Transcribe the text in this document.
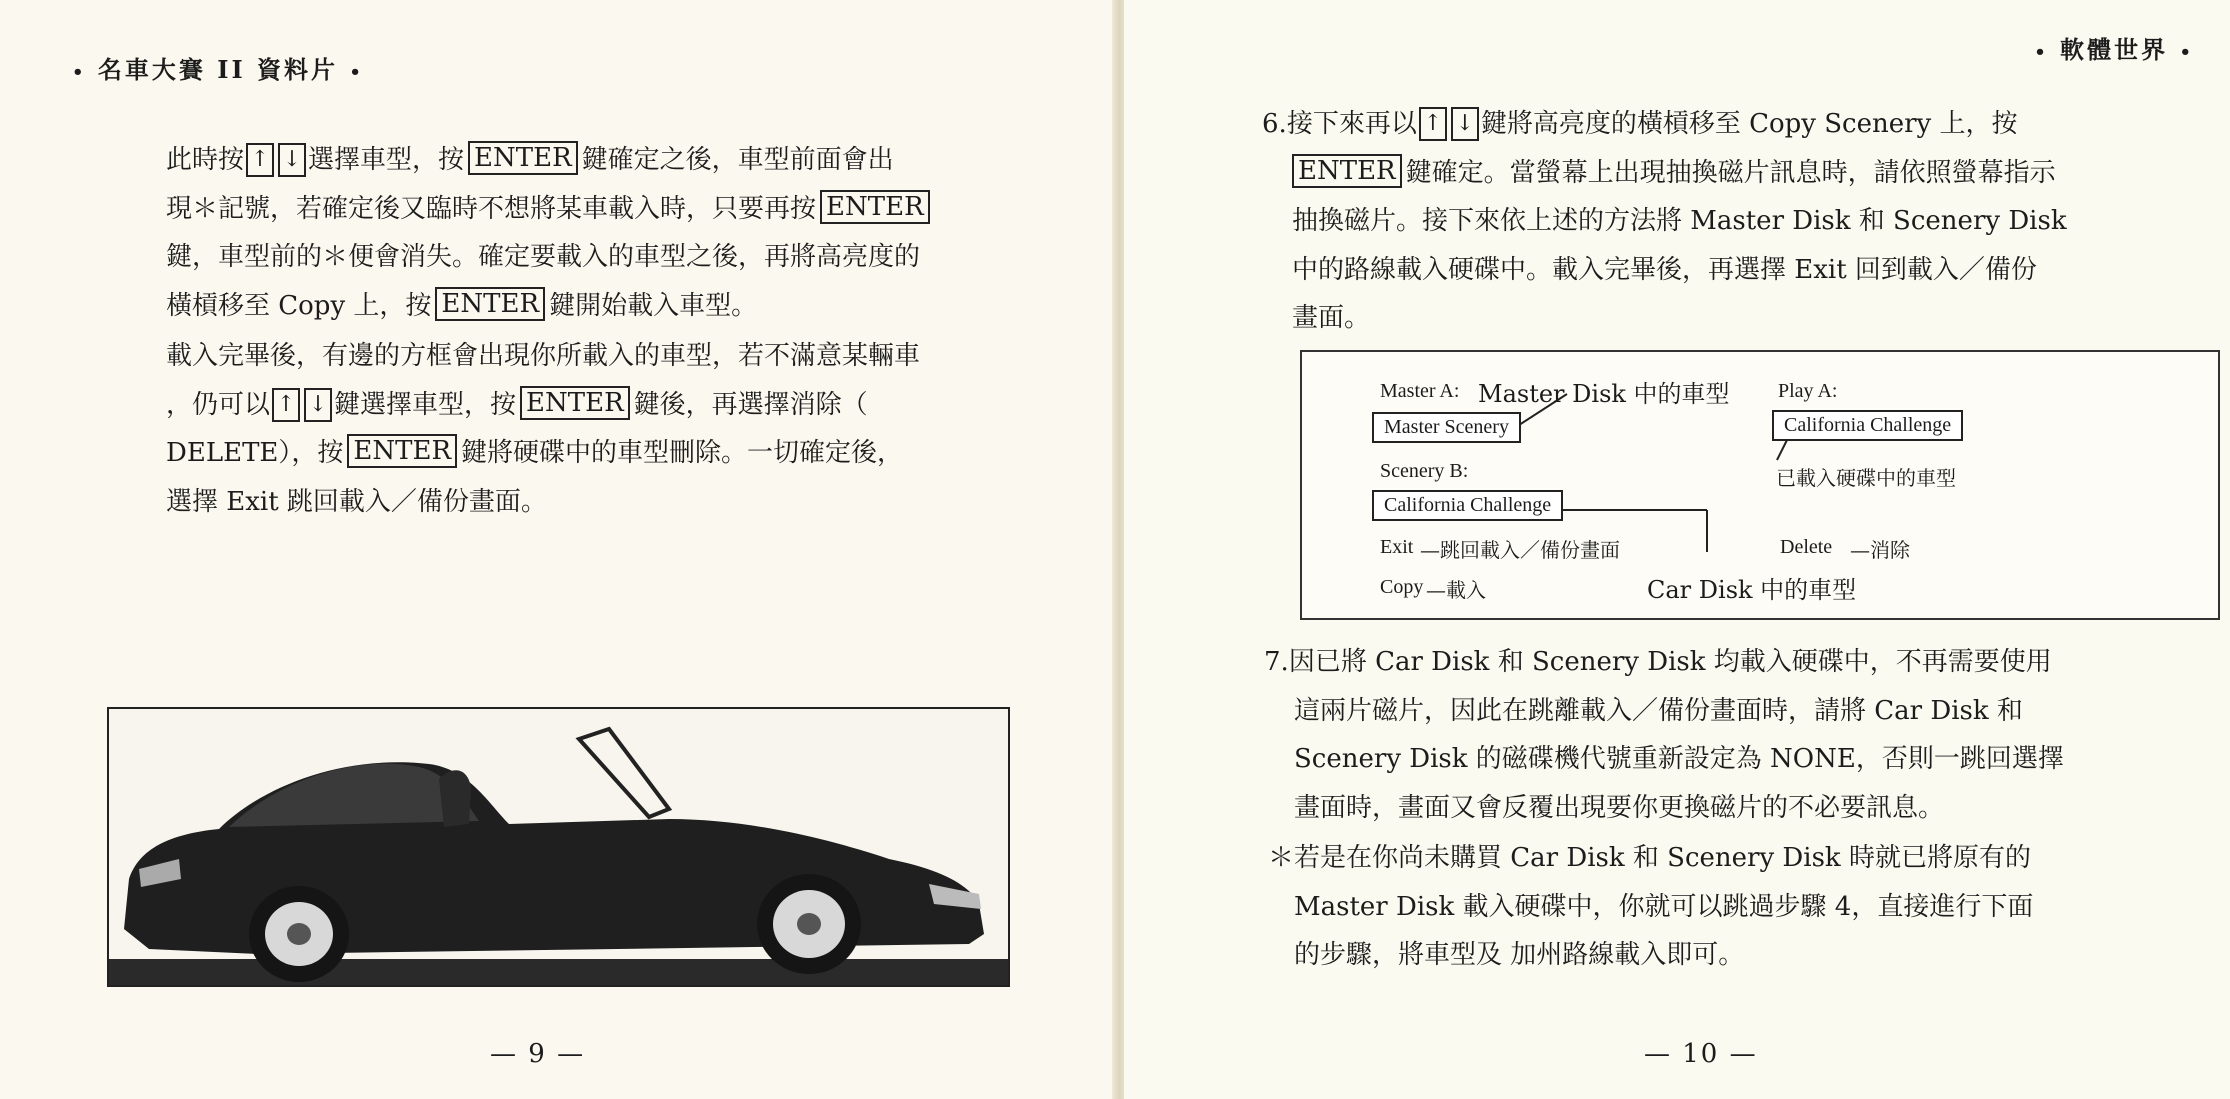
• 名車大賽 II 資料片 •
此時按 ↑ ↓ 選擇車型，按 ENTER 鍵確定之後，車型前面會出
現＊記號，若確定後又臨時不想將某車載入時，只要再按 ENTER
鍵，車型前的＊便會消失。確定要載入的車型之後，再將高亮度的
橫槓移至 Copy 上，按 ENTER 鍵開始載入車型。
載入完畢後，有邊的方框會出現你所載入的車型，若不滿意某輛車
，仍可以 ↑ ↓ 鍵選擇車型，按 ENTER 鍵後，再選擇消除（
DELETE），按 ENTER 鍵將硬碟中的車型刪除。一切確定後，
選擇 Exit 跳回載入／備份畫面。
— 9 —
• 軟體世界 •
6.接下來再以 ↑ ↓ 鍵將高亮度的橫槓移至 Copy Scenery 上，按
ENTER 鍵確定。當螢幕上出現抽換磁片訊息時，請依照螢幕指示
抽換磁片。接下來依上述的方法將 Master Disk 和 Scenery Disk
中的路線載入硬碟中。載入完畢後，再選擇 Exit 回到載入／備份
畫面。
Master A: Master Disk 中的車型
Master Scenery
Scenery B:
California Challenge
Exit —跳回載入／備份畫面
Copy —載入
Play A:
California Challenge
已載入硬碟中的車型
Delete —消除
Car Disk 中的車型
7.因已將 Car Disk 和 Scenery Disk 均載入硬碟中，不再需要使用
這兩片磁片，因此在跳離載入／備份畫面時，請將 Car Disk 和
Scenery Disk 的磁碟機代號重新設定為 NONE，否則一跳回選擇
畫面時，畫面又會反覆出現要你更換磁片的不必要訊息。
＊若是在你尚未購買 Car Disk 和 Scenery Disk 時就已將原有的
Master Disk 載入硬碟中，你就可以跳過步驟 4，直接進行下面
的步驟，將車型及 加州路線載入即可。
— 10 —
